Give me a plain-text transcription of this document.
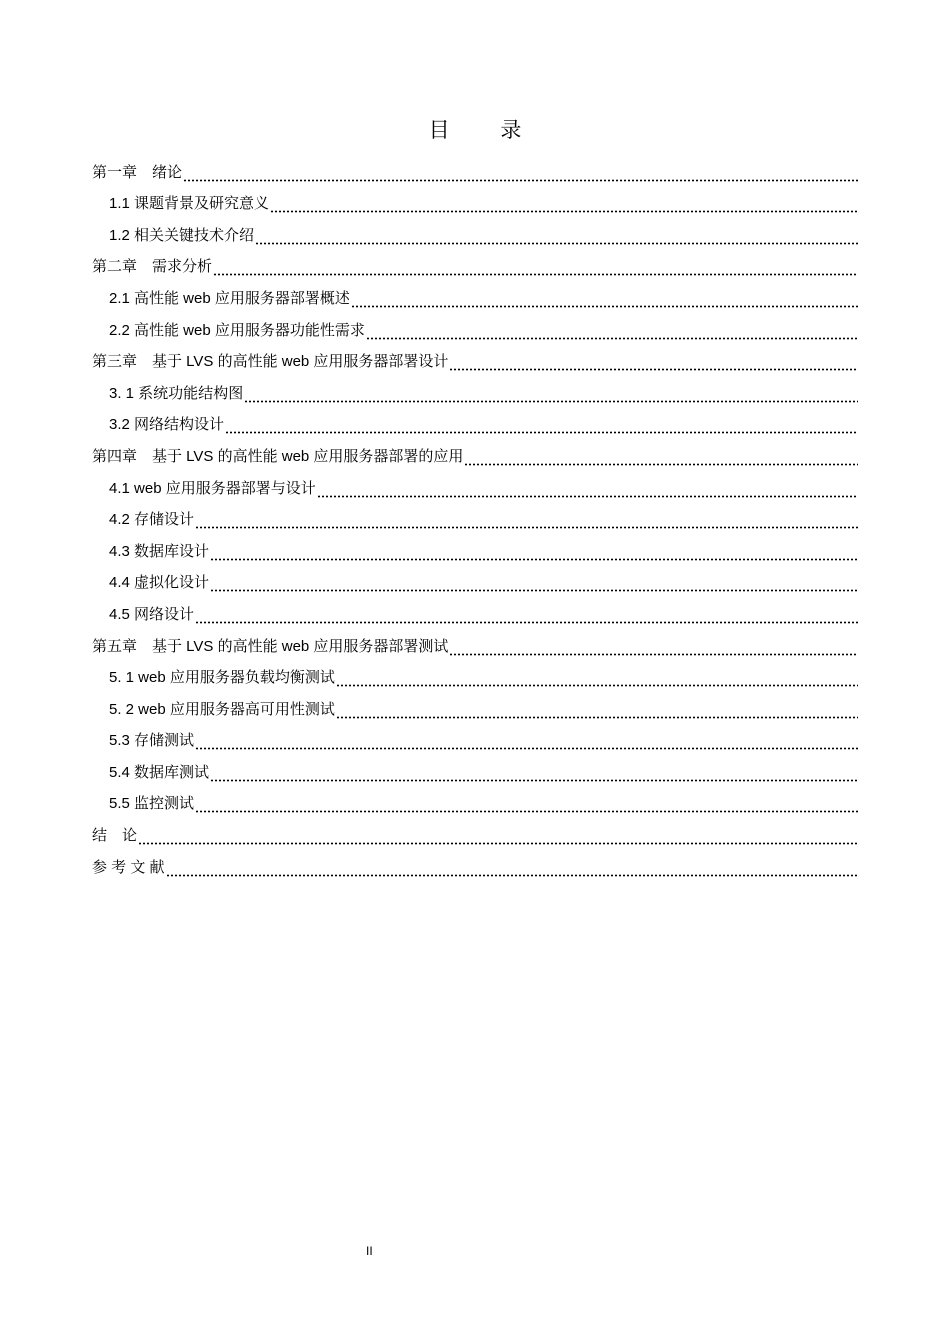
目 录
第一章　绪论
1.1 课题背景及研究意义
1.2 相关关键技术介绍
第二章　需求分析
2.1 高性能 web 应用服务器部署概述
2.2 高性能 web 应用服务器功能性需求
第三章　基于 LVS 的高性能 web 应用服务器部署设计
3. 1 系统功能结构图
3.2 网络结构设计
第四章　基于 LVS 的高性能 web 应用服务器部署的应用
4.1 web 应用服务器部署与设计
4.2 存储设计
4.3 数据库设计
4.4 虚拟化设计
4.5 网络设计
第五章　基于 LVS 的高性能 web 应用服务器部署测试
5. 1 web 应用服务器负载均衡测试
5. 2 web 应用服务器高可用性测试
5.3 存储测试
5.4 数据库测试
5.5 监控测试
结　论
参 考 文 献
II
